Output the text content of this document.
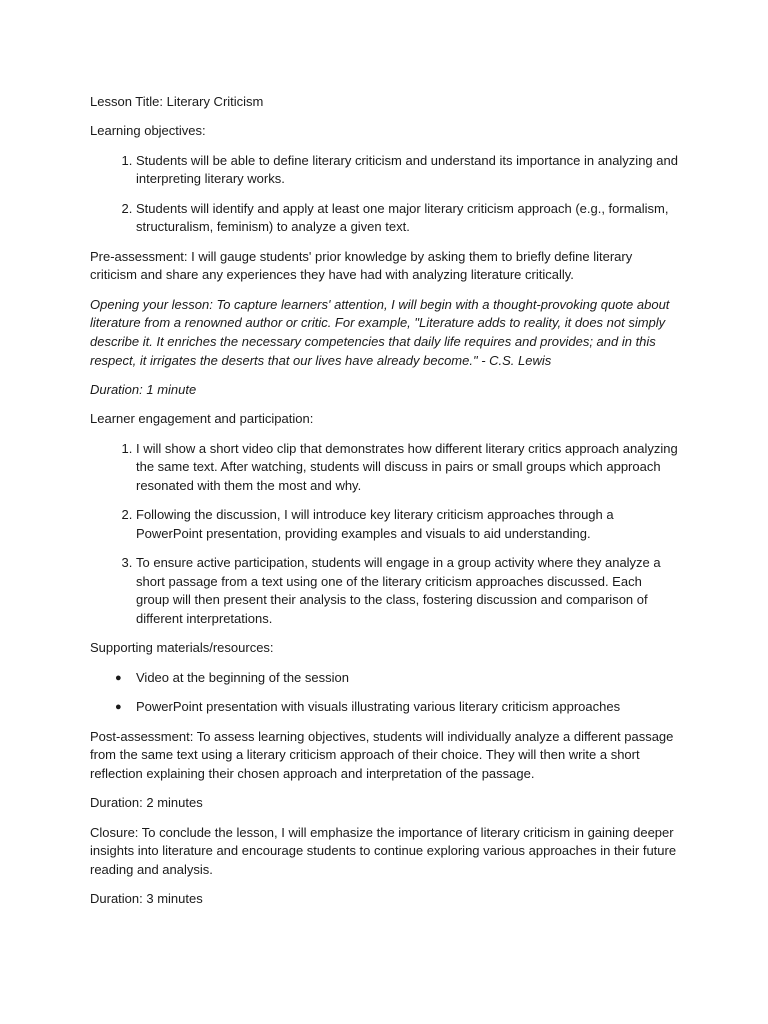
Lesson Title: Literary Criticism

Learning objectives:

1. Students will be able to define literary criticism and understand its importance in analyzing and interpreting literary works.
2. Students will identify and apply at least one major literary criticism approach (e.g., formalism, structuralism, feminism) to analyze a given text.

Pre-assessment: I will gauge students' prior knowledge by asking them to briefly define literary criticism and share any experiences they have had with analyzing literature critically.

Opening your lesson: To capture learners' attention, I will begin with a thought-provoking quote about literature from a renowned author or critic. For example, "Literature adds to reality, it does not simply describe it. It enriches the necessary competencies that daily life requires and provides; and in this respect, it irrigates the deserts that our lives have already become." - C.S. Lewis

Duration: 1 minute

Learner engagement and participation:

1. I will show a short video clip that demonstrates how different literary critics approach analyzing the same text. After watching, students will discuss in pairs or small groups which approach resonated with them the most and why.
2. Following the discussion, I will introduce key literary criticism approaches through a PowerPoint presentation, providing examples and visuals to aid understanding.
3. To ensure active participation, students will engage in a group activity where they analyze a short passage from a text using one of the literary criticism approaches discussed. Each group will then present their analysis to the class, fostering discussion and comparison of different interpretations.

Supporting materials/resources:

● Video at the beginning of the session
● PowerPoint presentation with visuals illustrating various literary criticism approaches

Post-assessment: To assess learning objectives, students will individually analyze a different passage from the same text using a literary criticism approach of their choice. They will then write a short reflection explaining their chosen approach and interpretation of the passage.

Duration: 2 minutes

Closure: To conclude the lesson, I will emphasize the importance of literary criticism in gaining deeper insights into literature and encourage students to continue exploring various approaches in their future reading and analysis.

Duration: 3 minutes
